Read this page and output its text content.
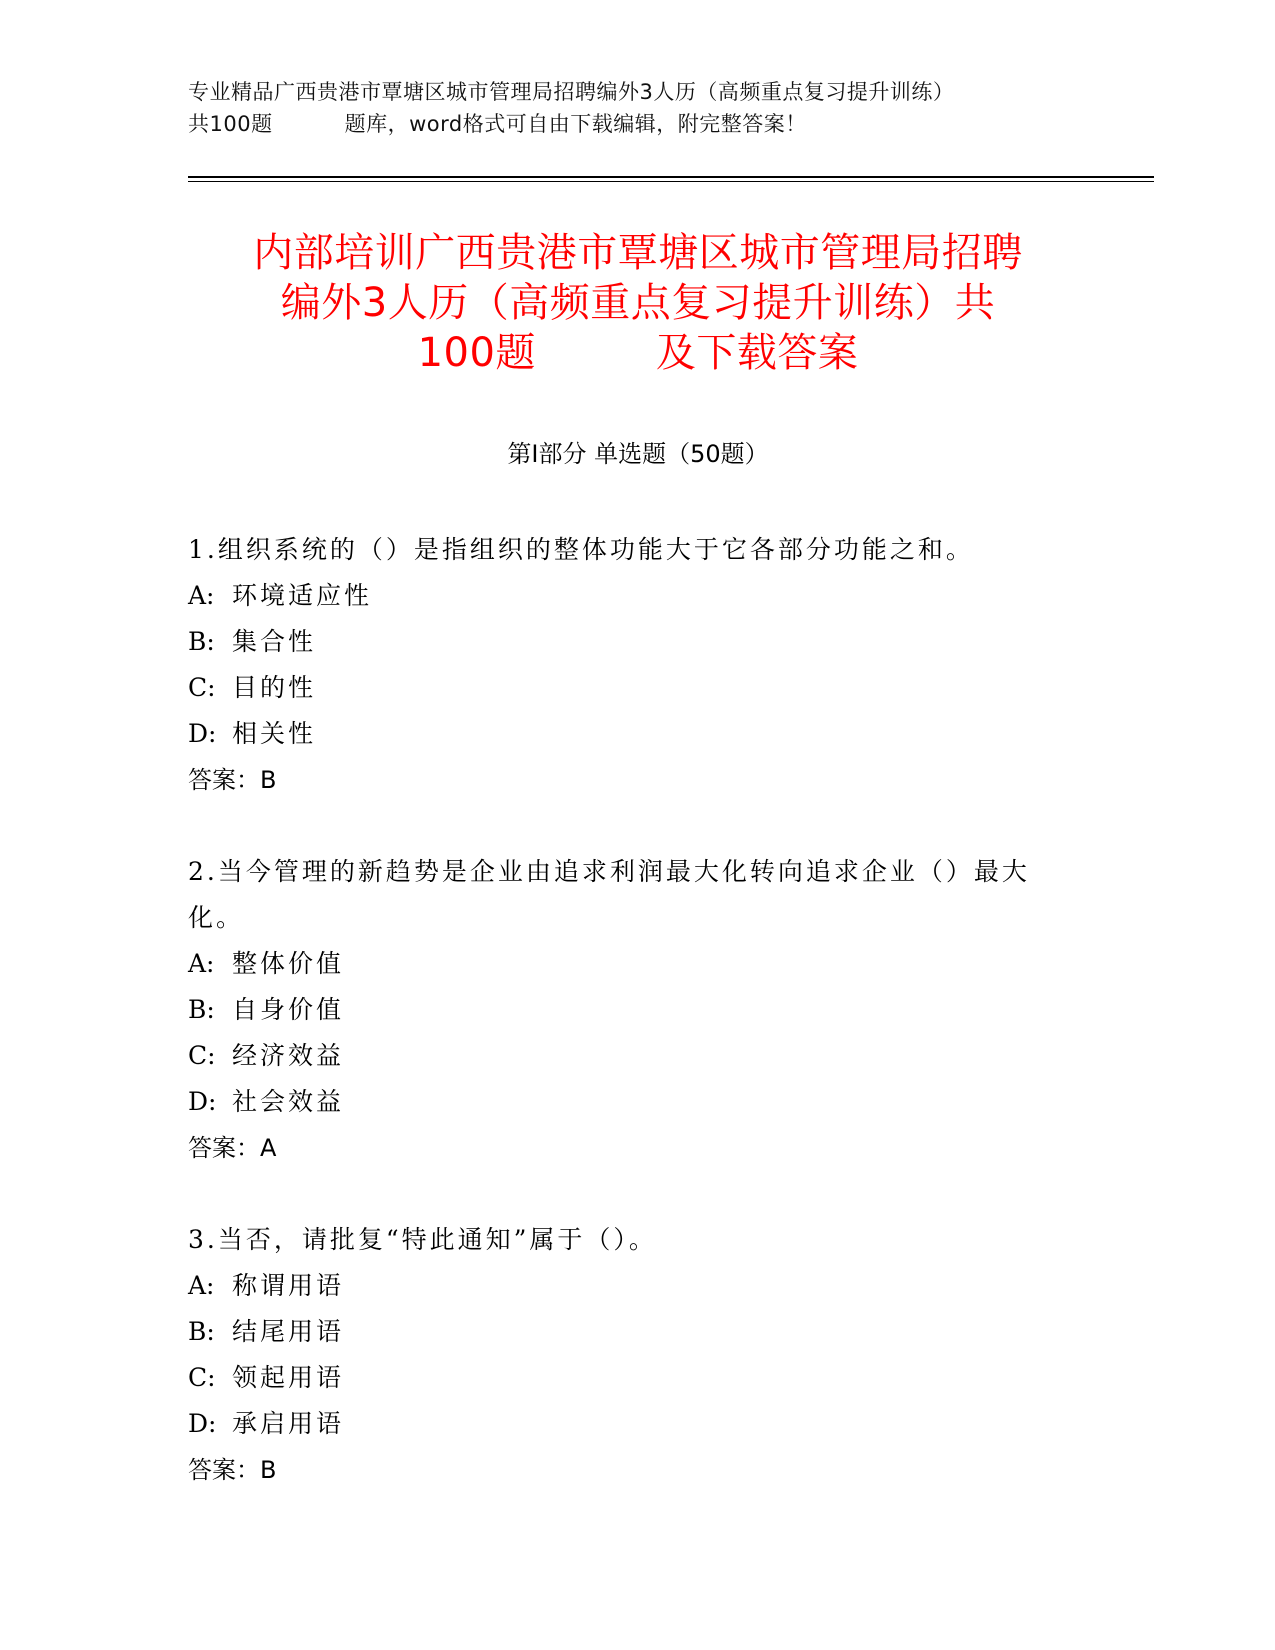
专业精品广西贵港市覃塘区城市管理局招聘编外3人历（高频重点复习提升训练）
共100题	题库，word格式可自由下载编辑，附完整答案！
内部培训广西贵港市覃塘区城市管理局招聘
编外3人历（高频重点复习提升训练）共
100题	及下载答案
第Ⅰ部分 单选题（50题）
1.组织系统的（）是指组织的整体功能大于它各部分功能之和。
A: 环境适应性
B: 集合性
C: 目的性
D: 相关性
答案：B
2.当今管理的新趋势是企业由追求利润最大化转向追求企业（）最大化。
A: 整体价值
B: 自身价值
C: 经济效益
D: 社会效益
答案：A
3.当否，请批复“特此通知”属于（）。
A: 称谓用语
B: 结尾用语
C: 领起用语
D: 承启用语
答案：B
